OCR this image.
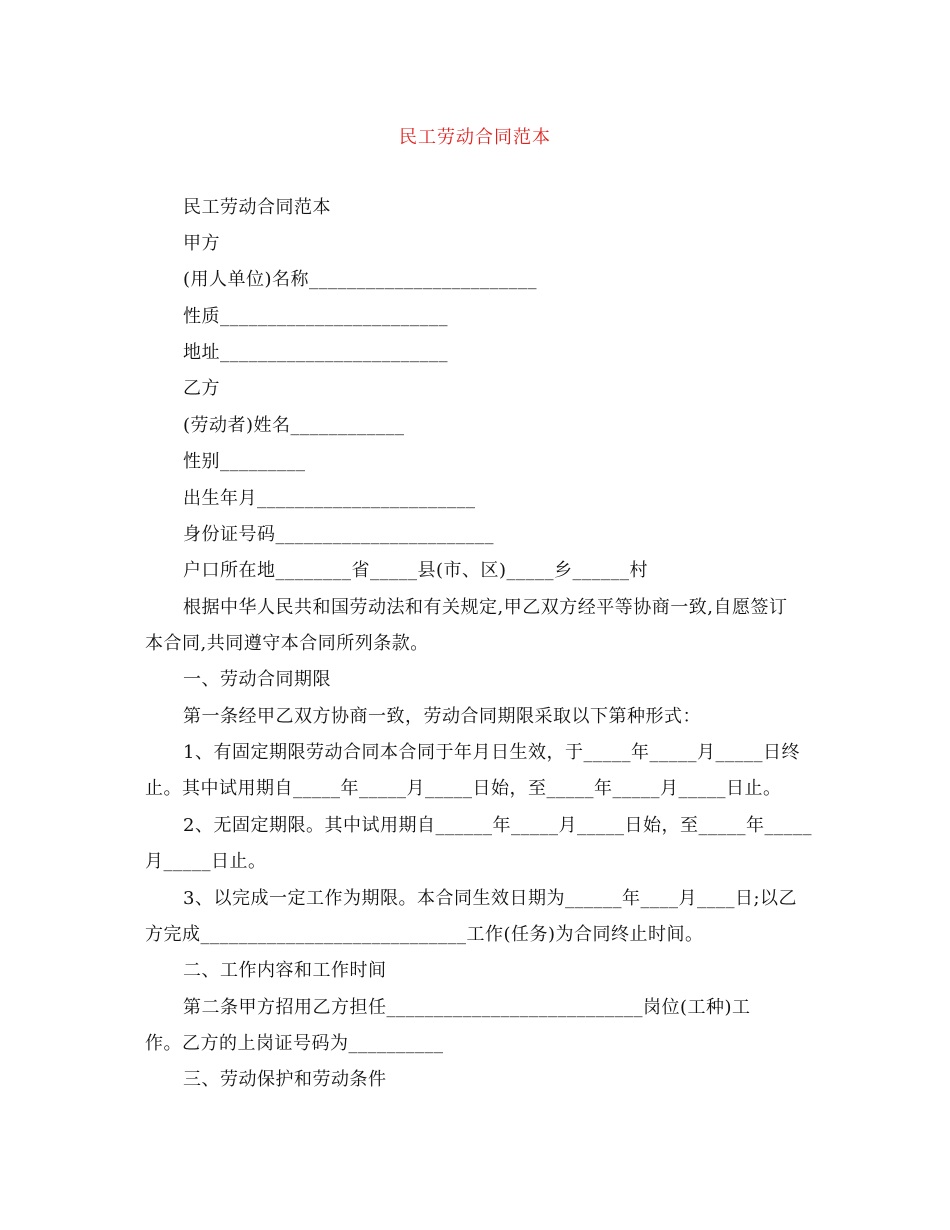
民工劳动合同范本
民工劳动合同范本
甲方
(用人单位)名称________________________
性质________________________
地址________________________
乙方
(劳动者)姓名____________
性别_________
出生年月_______________________
身份证号码_______________________
户口所在地________省_____县(市、区)_____乡______村
根据中华人民共和国劳动法和有关规定,甲乙双方经平等协商一致,自愿签订
本合同,共同遵守本合同所列条款。
一、劳动合同期限
第一条经甲乙双方协商一致，劳动合同期限采取以下第种形式：
1、有固定期限劳动合同本合同于年月日生效，于_____年_____月_____日终
止。其中试用期自_____年_____月_____日始，至_____年_____月_____日止。
2、无固定期限。其中试用期自______年_____月_____日始，至_____年_____
月_____日止。
3、以完成一定工作为期限。本合同生效日期为______年____月____日;以乙
方完成____________________________工作(任务)为合同终止时间。
二、工作内容和工作时间
第二条甲方招用乙方担任___________________________岗位(工种)工
作。乙方的上岗证号码为__________
三、劳动保护和劳动条件
